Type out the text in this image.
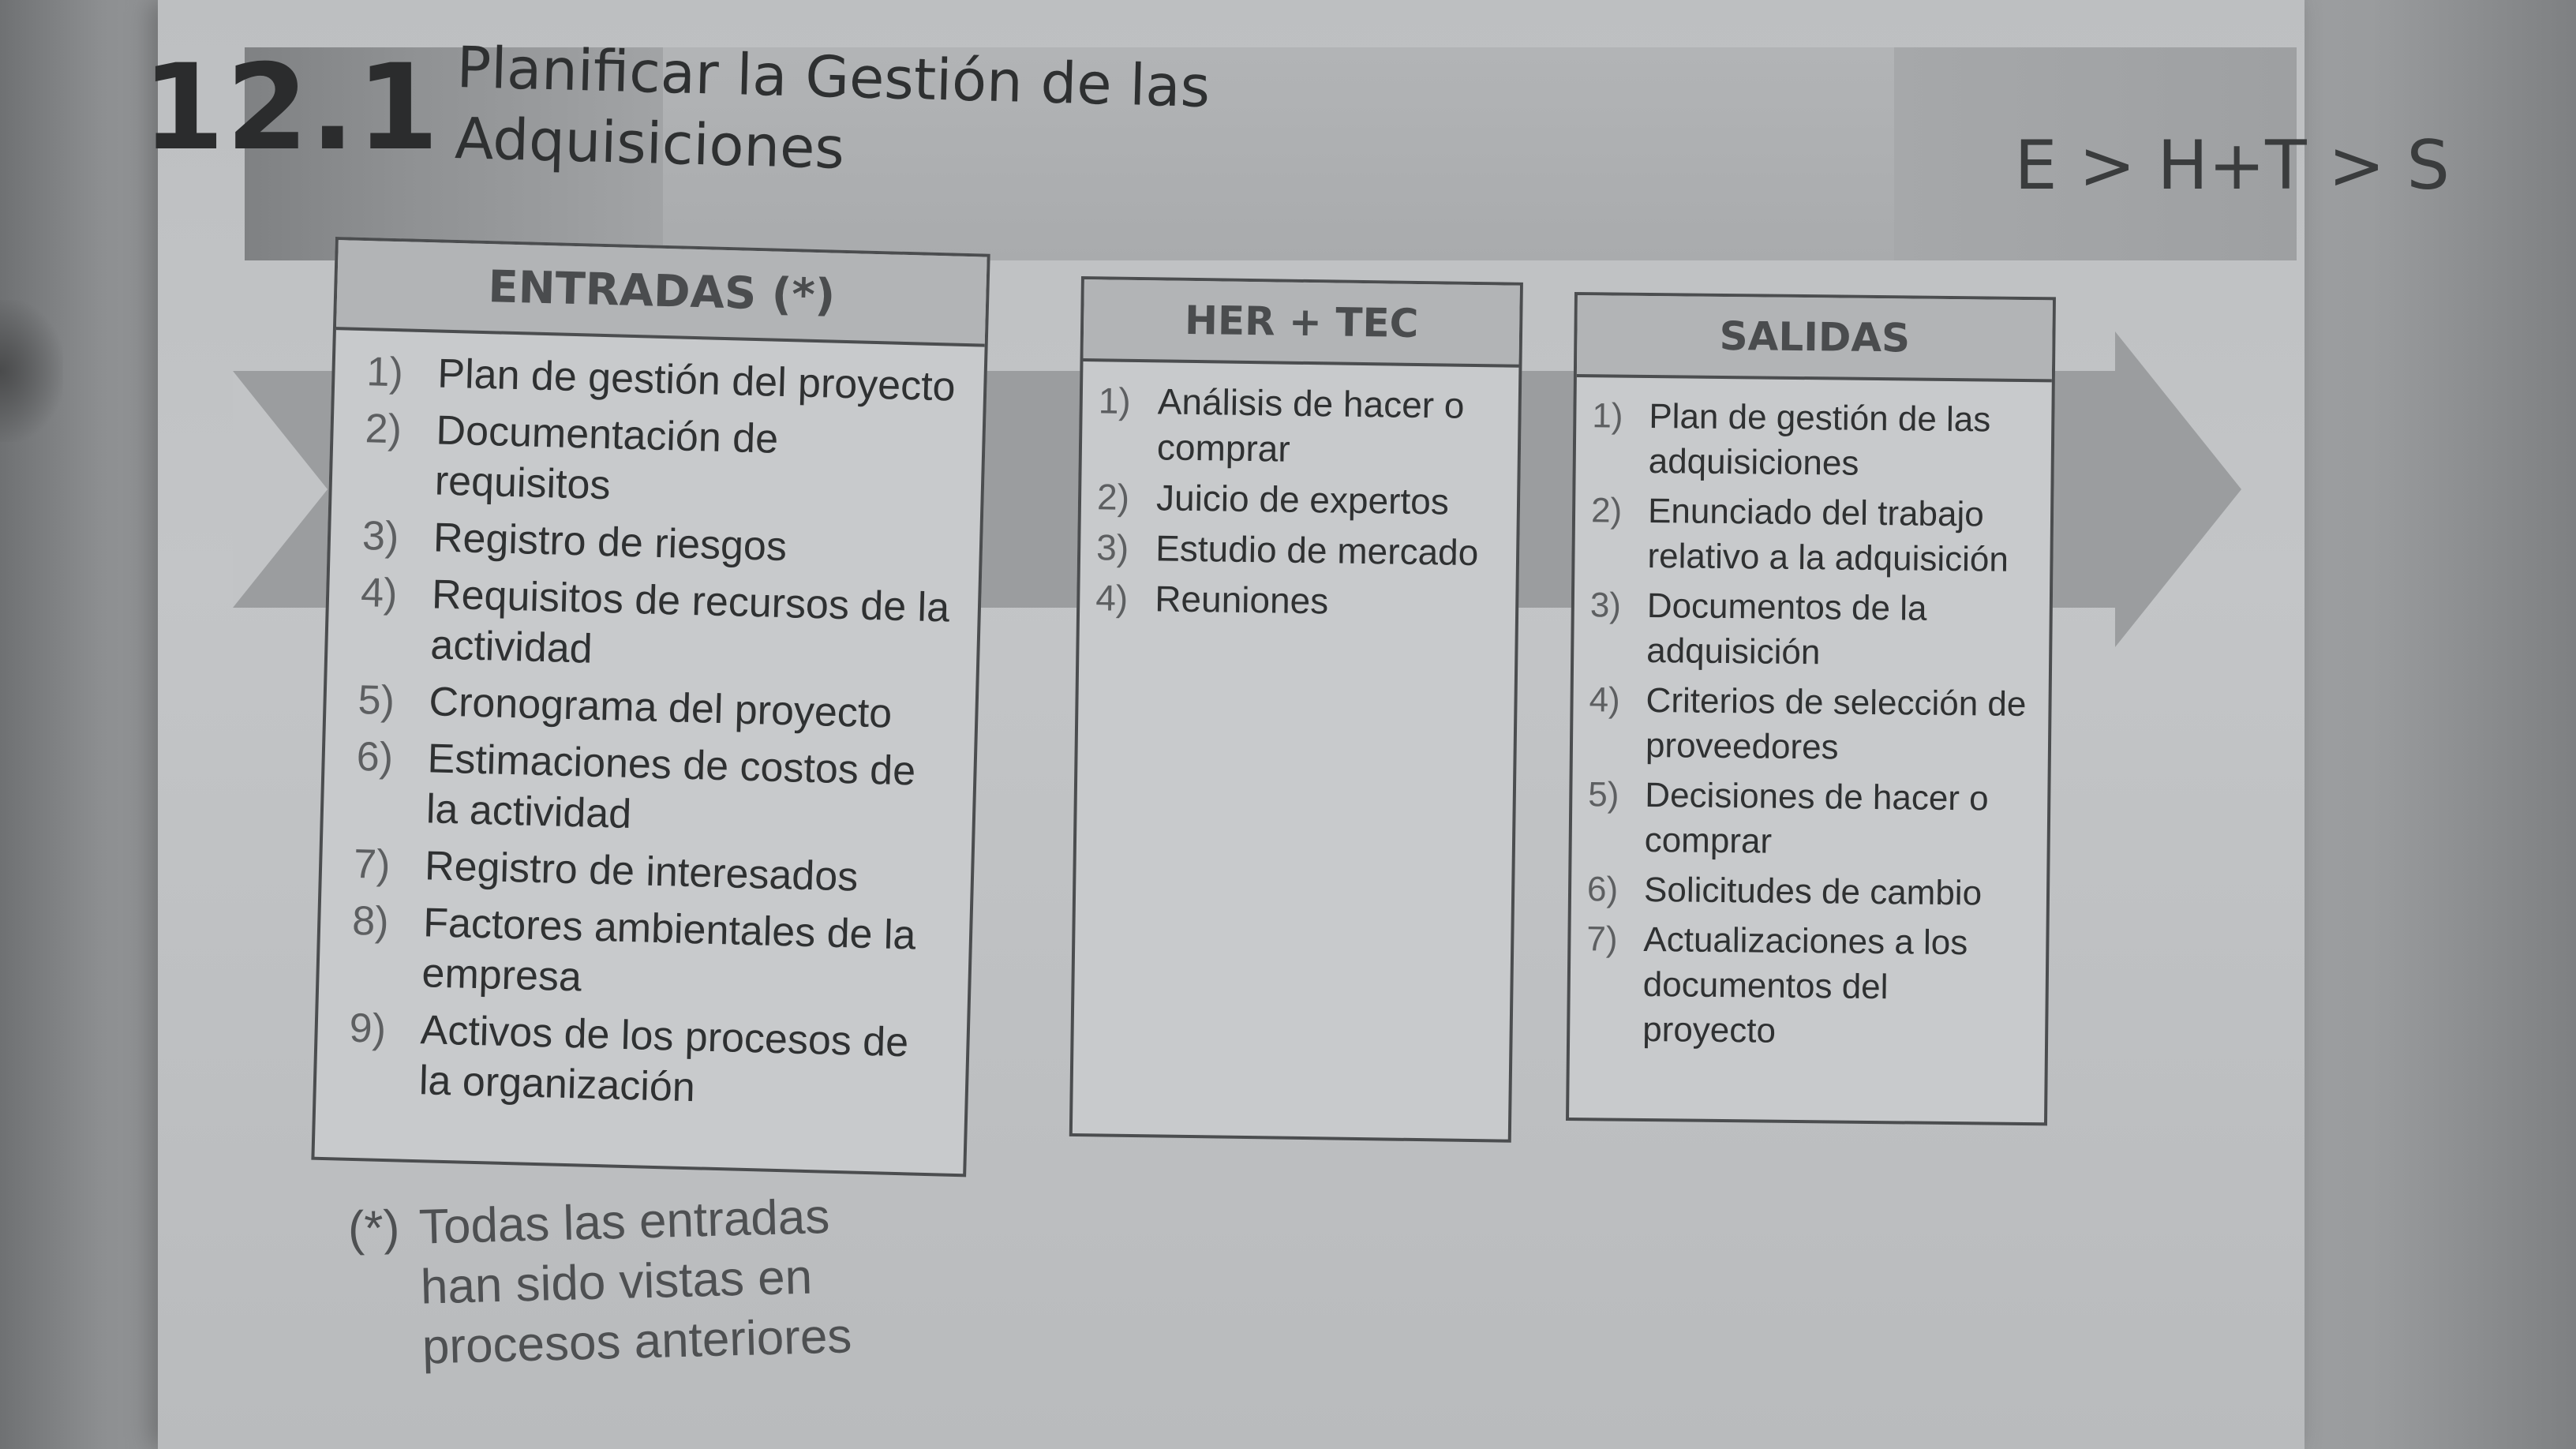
12.1 Planificar la Gestión de las
Adquisiciones	E > H+T > S
ENTRADAS (*)
1) Plan de gestión del proyecto
2) Documentación de requisitos
3) Registro de riesgos
4) Requisitos de recursos de la actividad
5) Cronograma del proyecto
6) Estimaciones de costos de la actividad
7) Registro de interesados
8) Factores ambientales de la empresa
9) Activos de los procesos de la organización
HER + TEC
1) Análisis de hacer o comprar
2) Juicio de expertos
3) Estudio de mercado
4) Reuniones
SALIDAS
1) Plan de gestión de las adquisiciones
2) Enunciado del trabajo relativo a la adquisición
3) Documentos de la adquisición
4) Criterios de selección de proveedores
5) Decisiones de hacer o comprar
6) Solicitudes de cambio
7) Actualizaciones a los documentos del proyecto
(*) Todas las entradas
han sido vistas en
procesos anteriores
